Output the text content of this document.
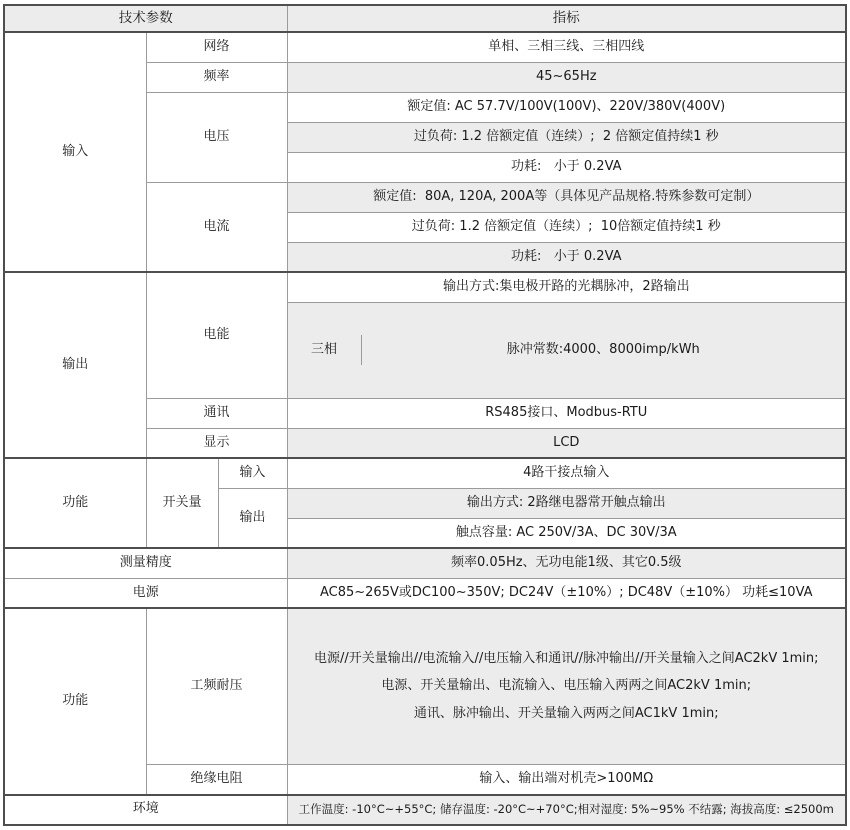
技术参数			指标
输入	网络		单相、三相三线、三相四线
	频率		45~65Hz
	电压		额定值: AC 57.7V/100V(100V)、220V/380V(400V)
			过负荷: 1.2 倍额定值（连续）;  2 倍额定值持续1 秒
			功耗:   小于 0.2VA
	电流		额定值:  80A, 120A, 200A等（具体见产品规格.特殊参数可定制）
			过负荷: 1.2 倍额定值（连续）;  10倍额定值持续1 秒
			功耗:   小于 0.2VA
输出	电能		输出方式:集电极开路的光耦脉冲，2路输出

三相 脉冲常数:4000、8000imp/kWh

	通讯		RS485接口、Modbus-RTU
	显示		LCD
功能	开关量	输入	4路干接点输入
		输出	输出方式: 2路继电器常开触点输出
			触点容量: AC 250V/3A、DC 30V/3A
测量精度			频率0.05Hz、无功电能1级、其它0.5级
电源			AC85~265V或DC100~350V; DC24V（±10%）; DC48V（±10%） 功耗≤10VA
功能	工频耐压		电源//开关量输出//电流输入//电压输入和通讯//脉冲输出//开关量输入之间AC2kV 1min;
电源、开关量输出、电流输入、电压输入两两之间AC2kV 1min;
通讯、脉冲输出、开关量输入两两之间AC1kV 1min;

	绝缘电阻		输入、输出端对机壳>100MΩ
环境			工作温度: -10°C~+55°C; 储存温度: -20°C~+70°C;相对湿度: 5%~95% 不结露; 海拔高度: ≤2500m
